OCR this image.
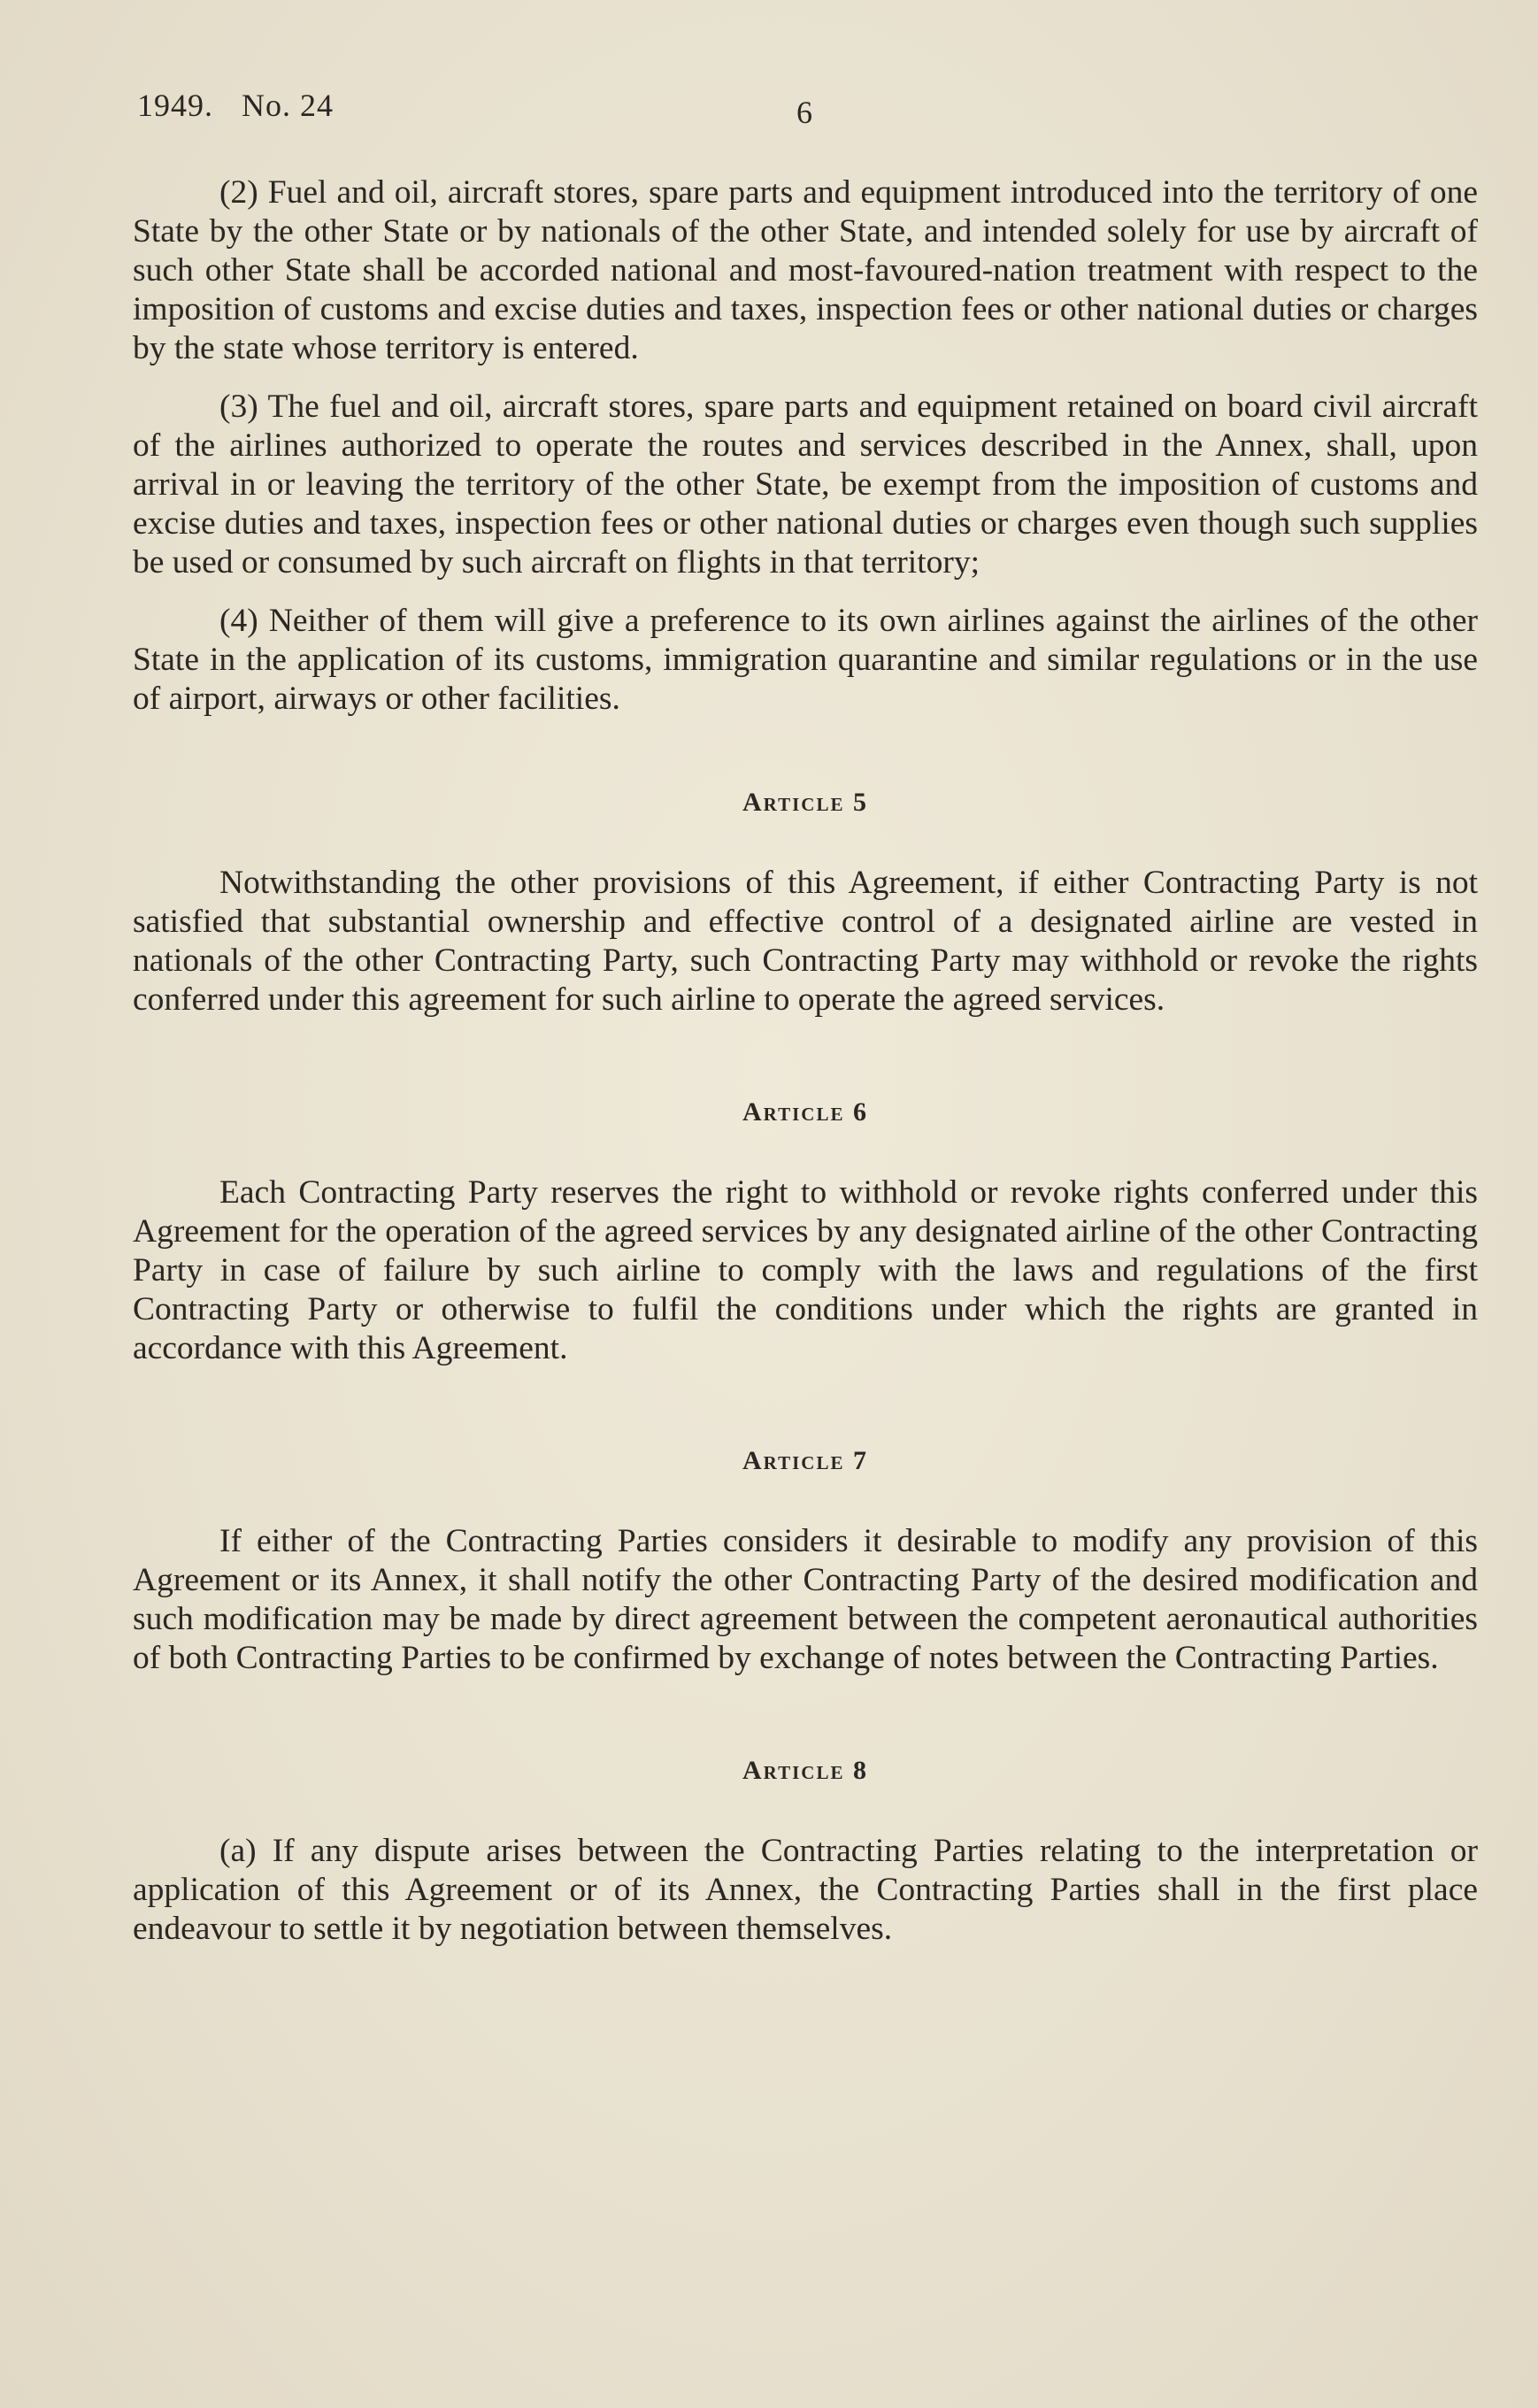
1949. No. 24	6

(2) Fuel and oil, aircraft stores, spare parts and equipment introduced into the territory of one State by the other State or by nationals of the other State, and intended solely for use by aircraft of such other State shall be accorded national and most-favoured-nation treatment with respect to the imposition of customs and excise duties and taxes, inspection fees or other national duties or charges by the state whose territory is entered.

(3) The fuel and oil, aircraft stores, spare parts and equipment retained on board civil aircraft of the airlines authorized to operate the routes and services described in the Annex, shall, upon arrival in or leaving the territory of the other State, be exempt from the imposition of customs and excise duties and taxes, inspection fees or other national duties or charges even though such supplies be used or consumed by such aircraft on flights in that territory;

(4) Neither of them will give a preference to its own airlines against the airlines of the other State in the application of its customs, immigration quarantine and similar regulations or in the use of airport, airways or other facilities.

Article 5

Notwithstanding the other provisions of this Agreement, if either Contracting Party is not satisfied that substantial ownership and effective control of a designated airline are vested in nationals of the other Contracting Party, such Contracting Party may withhold or revoke the rights conferred under this agreement for such airline to operate the agreed services.

Article 6

Each Contracting Party reserves the right to withhold or revoke rights conferred under this Agreement for the operation of the agreed services by any designated airline of the other Contracting Party in case of failure by such airline to comply with the laws and regulations of the first Contracting Party or otherwise to fulfil the conditions under which the rights are granted in accordance with this Agreement.

Article 7

If either of the Contracting Parties considers it desirable to modify any provision of this Agreement or its Annex, it shall notify the other Contracting Party of the desired modification and such modification may be made by direct agreement between the competent aeronautical authorities of both Contracting Parties to be confirmed by exchange of notes between the Contracting Parties.

Article 8

(a) If any dispute arises between the Contracting Parties relating to the interpretation or application of this Agreement or of its Annex, the Contracting Parties shall in the first place endeavour to settle it by negotiation between themselves.
